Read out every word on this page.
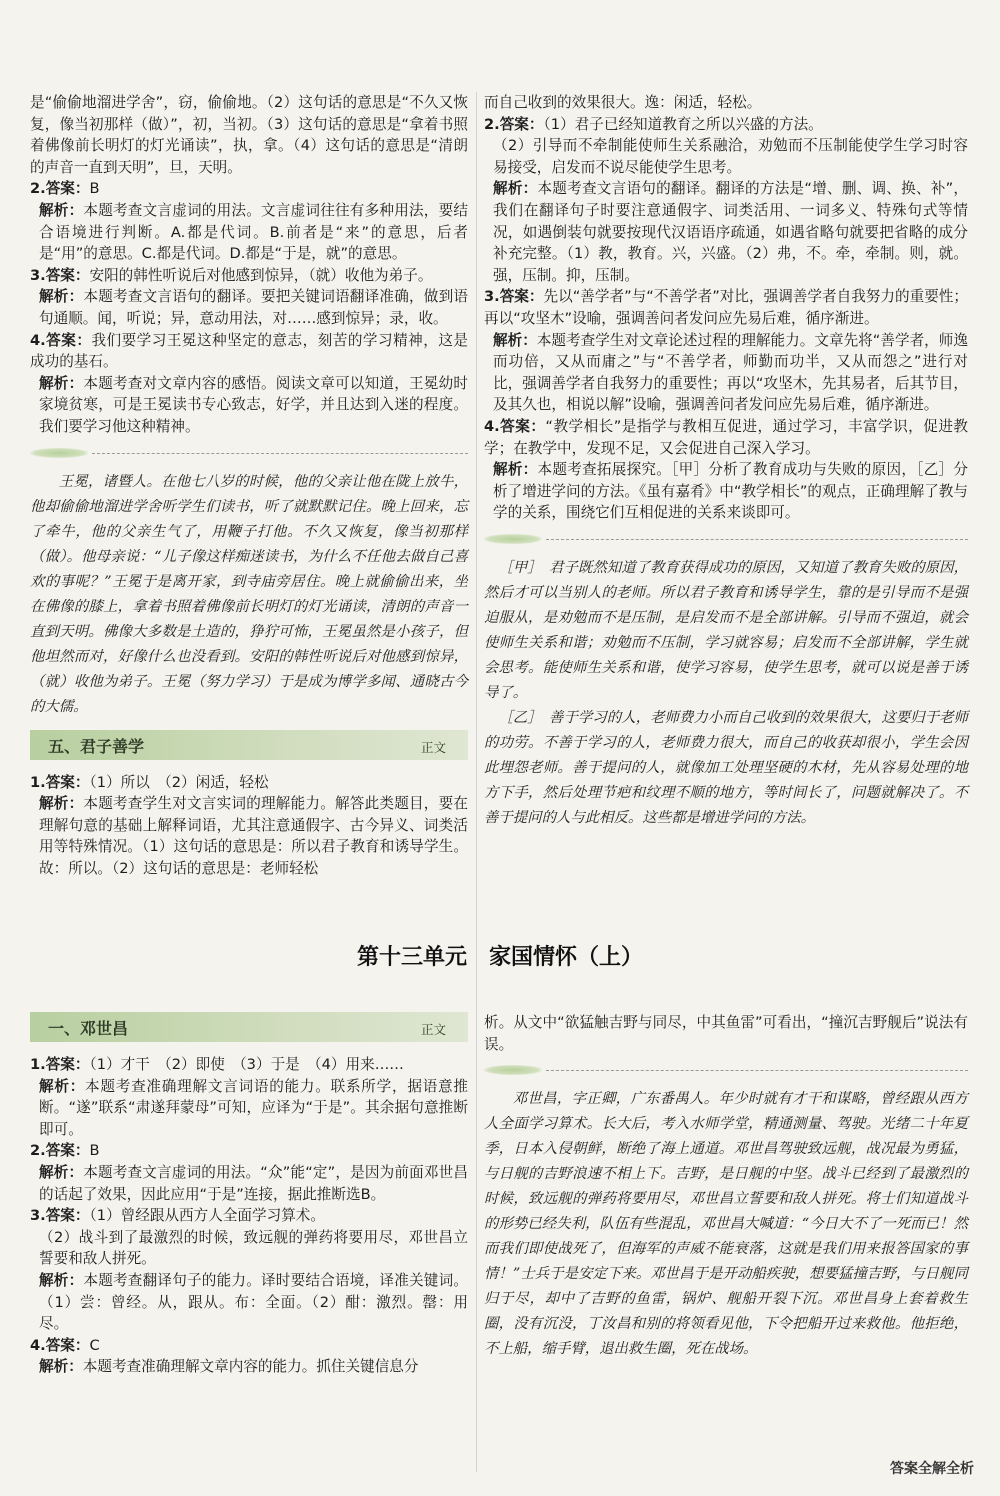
是“偷偷地溜进学舍”，窃，偷偷地。（2）这句话的意思是“不久又恢复，像当初那样（做）”，初，当初。（3）这句话的意思是“拿着书照着佛像前长明灯的灯光诵读”，执，拿。（4）这句话的意思是“清朗的声音一直到天明”，旦，天明。

2.答案：B

解析：本题考查文言虚词的用法。文言虚词往往有多种用法，要结合语境进行判断。A.都是代词。B.前者是“来”的意思，后者是“用”的意思。C.都是代词。D.都是“于是，就”的意思。

3.答案：安阳的韩性听说后对他感到惊异，（就）收他为弟子。

解析：本题考查文言语句的翻译。要把关键词语翻译准确，做到语句通顺。闻，听说；异，意动用法，对……感到惊异；录，收。

4.答案：我们要学习王冕这种坚定的意志，刻苦的学习精神，这是成功的基石。

解析：本题考查对文章内容的感悟。阅读文章可以知道，王冕幼时家境贫寒，可是王冕读书专心致志，好学，并且达到入迷的程度。我们要学习他这种精神。

王冕，诸暨人。在他七八岁的时候，他的父亲让他在陇上放牛，他却偷偷地溜进学舍听学生们读书，听了就默默记住。晚上回来，忘了牵牛，他的父亲生气了，用鞭子打他。不久又恢复，像当初那样（做）。他母亲说：“儿子像这样痴迷读书，为什么不任他去做自己喜欢的事呢？”王冕于是离开家，到寺庙旁居住。晚上就偷偷出来，坐在佛像的膝上，拿着书照着佛像前长明灯的灯光诵读，清朗的声音一直到天明。佛像大多数是土造的，狰狞可怖，王冕虽然是小孩子，但他坦然而对，好像什么也没看到。安阳的韩性听说后对他感到惊异，（就）收他为弟子。王冕（努力学习）于是成为博学多闻、通晓古今的大儒。

五、君子善学	正文

1.答案：（1）所以　（2）闲适，轻松

解析：本题考查学生对文言实词的理解能力。解答此类题目，要在理解句意的基础上解释词语，尤其注意通假字、古今异义、词类活用等特殊情况。（1）这句话的意思是：所以君子教育和诱导学生。故：所以。（2）这句话的意思是：老师轻松

而自己收到的效果很大。逸：闲适，轻松。

2.答案：（1）君子已经知道教育之所以兴盛的方法。

（2）引导而不牵制能使师生关系融洽，劝勉而不压制能使学生学习时容易接受，启发而不说尽能使学生思考。

解析：本题考查文言语句的翻译。翻译的方法是“增、删、调、换、补”，我们在翻译句子时要注意通假字、词类活用、一词多义、特殊句式等情况，如遇倒装句就要按现代汉语语序疏通，如遇省略句就要把省略的成分补充完整。（1）教，教育。兴，兴盛。（2）弗，不。牵，牵制。则，就。强，压制。抑，压制。

3.答案：先以“善学者”与“不善学者”对比，强调善学者自我努力的重要性；再以“攻坚木”设喻，强调善问者发问应先易后难，循序渐进。

解析：本题考查学生对文章论述过程的理解能力。文章先将“善学者，师逸而功倍，又从而庸之”与“不善学者，师勤而功半，又从而怨之”进行对比，强调善学者自我努力的重要性；再以“攻坚木，先其易者，后其节目，及其久也，相说以解”设喻，强调善问者发问应先易后难，循序渐进。

4.答案：“教学相长”是指学与教相互促进，通过学习，丰富学识，促进教学；在教学中，发现不足，又会促进自己深入学习。

解析：本题考查拓展探究。［甲］分析了教育成功与失败的原因，［乙］分析了增进学问的方法。《虽有嘉肴》中“教学相长”的观点，正确理解了教与学的关系，围绕它们互相促进的关系来谈即可。

［甲］　君子既然知道了教育获得成功的原因，又知道了教育失败的原因，然后才可以当别人的老师。所以君子教育和诱导学生，靠的是引导而不是强迫服从，是劝勉而不是压制，是启发而不是全部讲解。引导而不强迫，就会使师生关系和谐；劝勉而不压制，学习就容易；启发而不全部讲解，学生就会思考。能使师生关系和谐，使学习容易，使学生思考，就可以说是善于诱导了。

［乙］　善于学习的人，老师费力小而自己收到的效果很大，这要归于老师的功劳。不善于学习的人，老师费力很大，而自己的收获却很小，学生会因此埋怨老师。善于提问的人，就像加工处理坚硬的木材，先从容易处理的地方下手，然后处理节疤和纹理不顺的地方，等时间长了，问题就解决了。不善于提问的人与此相反。这些都是增进学问的方法。

第十三单元　家国情怀（上）
一、邓世昌	正文

1.答案：（1）才干　（2）即使　（3）于是　（4）用来……

解析：本题考查准确理解文言词语的能力。联系所学，据语意推断。“遂”联系“肃遂拜蒙母”可知，应译为“于是”。其余据句意推断即可。

2.答案：B

解析：本题考查文言虚词的用法。“众”能“定”，是因为前面邓世昌的话起了效果，因此应用“于是”连接，据此推断选B。

3.答案：（1）曾经跟从西方人全面学习算术。

（2）战斗到了最激烈的时候，致远舰的弹药将要用尽，邓世昌立誓要和敌人拼死。

解析：本题考查翻译句子的能力。译时要结合语境，译准关键词。（1）尝：曾经。从，跟从。布：全面。（2）酣：激烈。罄：用尽。

4.答案：C

解析：本题考查准确理解文章内容的能力。抓住关键信息分

析。从文中“欲猛触吉野与同尽，中其鱼雷”可看出，“撞沉吉野舰后”说法有误。

邓世昌，字正卿，广东番禺人。年少时就有才干和谋略，曾经跟从西方人全面学习算术。长大后，考入水师学堂，精通测量、驾驶。光绪二十年夏季，日本入侵朝鲜，断绝了海上通道。邓世昌驾驶致远舰，战况最为勇猛，与日舰的吉野浪速不相上下。吉野，是日舰的中坚。战斗已经到了最激烈的时候，致远舰的弹药将要用尽，邓世昌立誓要和敌人拼死。将士们知道战斗的形势已经失利，队伍有些混乱，邓世昌大喊道：“今日大不了一死而已！然而我们即使战死了，但海军的声威不能衰落，这就是我们用来报答国家的事情！”士兵于是安定下来。邓世昌于是开动船疾驶，想要猛撞吉野，与日舰同归于尽，却中了吉野的鱼雷，锅炉、舰船开裂下沉。邓世昌身上套着救生圈，没有沉没，丁汝昌和别的将领看见他，下令把船开过来救他。他拒绝，不上船，缩手臂，退出救生圈，死在战场。

答案全解全析
